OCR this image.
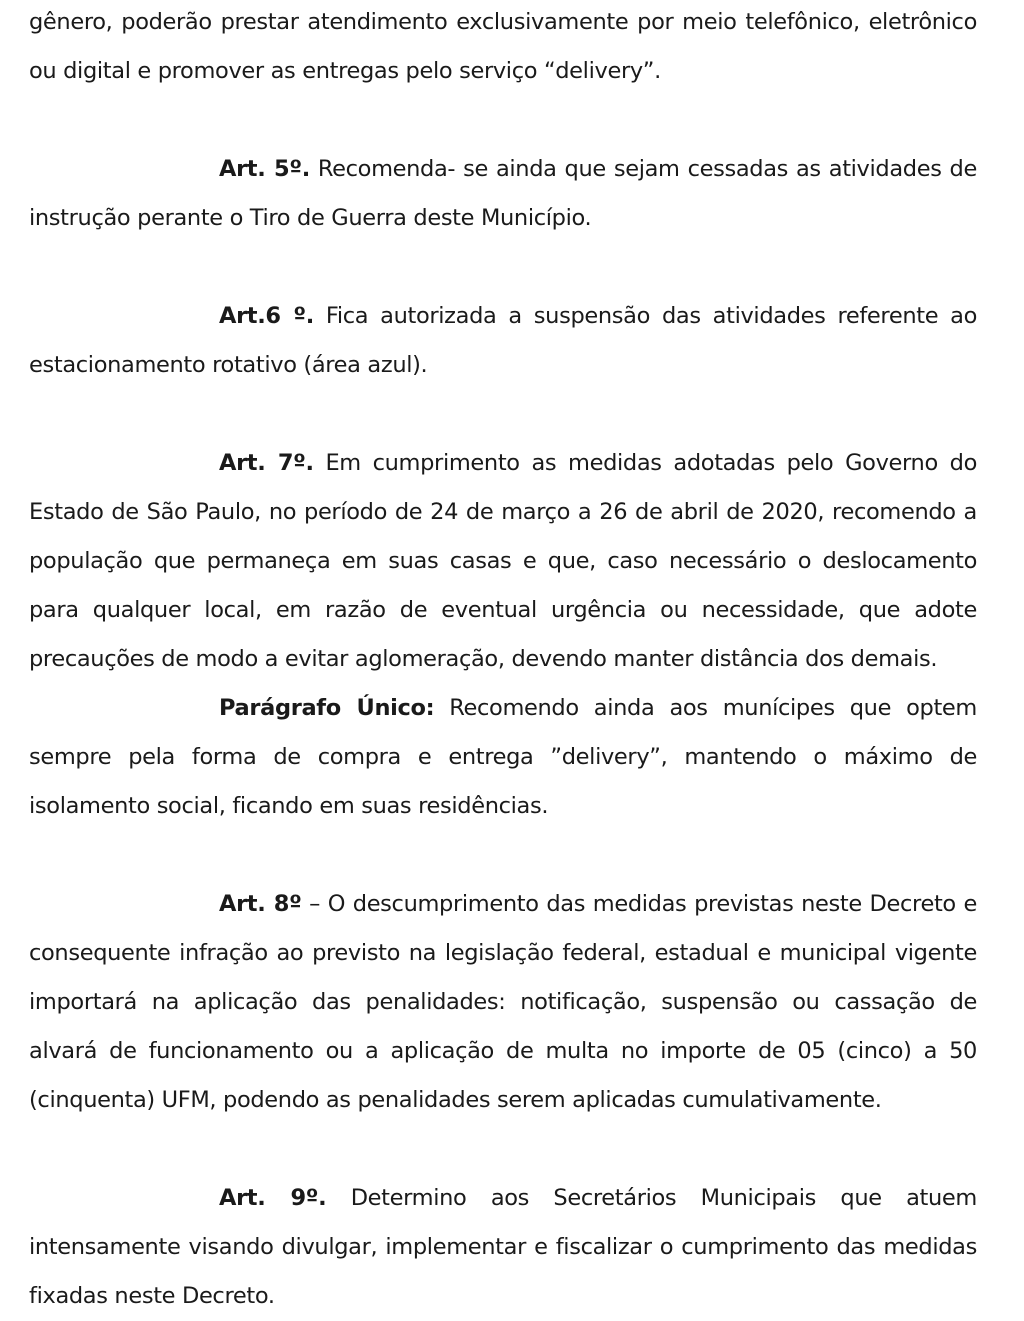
gênero, poderão prestar atendimento exclusivamente por meio telefônico, eletrônico ou digital e promover as entregas pelo serviço “delivery”.

Art. 5º. Recomenda- se ainda que sejam cessadas as atividades de instrução perante o Tiro de Guerra deste Município.

Art.6 º. Fica autorizada a suspensão das atividades referente ao estacionamento rotativo (área azul).

Art. 7º. Em cumprimento as medidas adotadas pelo Governo do Estado de São Paulo, no período de 24 de março a 26 de abril de 2020, recomendo a população que permaneça em suas casas e que, caso necessário o deslocamento para qualquer local, em razão de eventual urgência ou necessidade, que adote precauções de modo a evitar aglomeração, devendo manter distância dos demais.

Parágrafo Único: Recomendo ainda aos munícipes que optem sempre pela forma de compra e entrega ”delivery”, mantendo o máximo de isolamento social, ficando em suas residências.

Art. 8º – O descumprimento das medidas previstas neste Decreto e consequente infração ao previsto na legislação federal, estadual e municipal vigente importará na aplicação das penalidades: notificação, suspensão ou cassação de alvará de funcionamento ou a aplicação de multa no importe de 05 (cinco) a 50 (cinquenta) UFM, podendo as penalidades serem aplicadas cumulativamente.

Art. 9º. Determino aos Secretários Municipais que atuem intensamente visando divulgar, implementar e fiscalizar o cumprimento das medidas fixadas neste Decreto.
